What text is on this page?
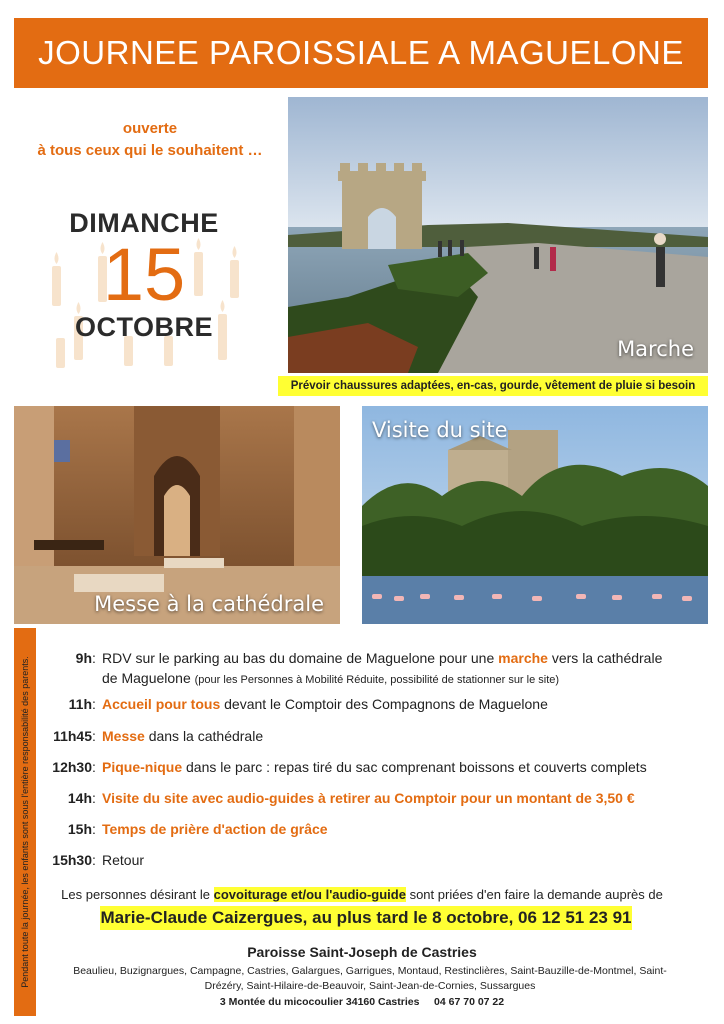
JOURNEE PAROISSIALE A MAGUELONE
ouverte
à tous ceux qui le souhaitent …
DIMANCHE
15
OCTOBRE
Marche
Prévoir chaussures adaptées, en-cas, gourde, vêtement de pluie si besoin
Messe à la cathédrale
Visite du site
Pendant toute la journée, les enfants sont sous l'entière responsabilité des parents.	9h : RDV sur le parking au bas du domaine de Maguelone pour une marche vers la cathédrale
de Maguelone (pour les Personnes à Mobilité Réduite, possibilité de stationner sur le site)
11h : Accueil pour tous devant le Comptoir des Compagnons de Maguelone
11h45 : Messe dans la cathédrale
12h30 : Pique-nique dans le parc : repas tiré du sac comprenant boissons et couverts complets
14h : Visite du site avec audio-guides à retirer au Comptoir pour un montant de 3,50 €
15h : Temps de prière d'action de grâce
15h30 : Retour
Les personnes désirant le covoiturage et/ou l'audio-guide sont priées d'en faire la demande auprès de
Marie-Claude Caizergues, au plus tard le 8 octobre, 06 12 51 23 91
Paroisse Saint-Joseph de Castries
Beaulieu, Buzignargues, Campagne, Castries, Galargues, Garrigues, Montaud, Restinclières, Saint-Bauzille-de-Montmel, Saint-Drézéry, Saint-Hilaire-de-Beauvoir, Saint-Jean-de-Cornies, Sussargues
3 Montée du micocoulier 34160 Castries     04 67 70 07 22
